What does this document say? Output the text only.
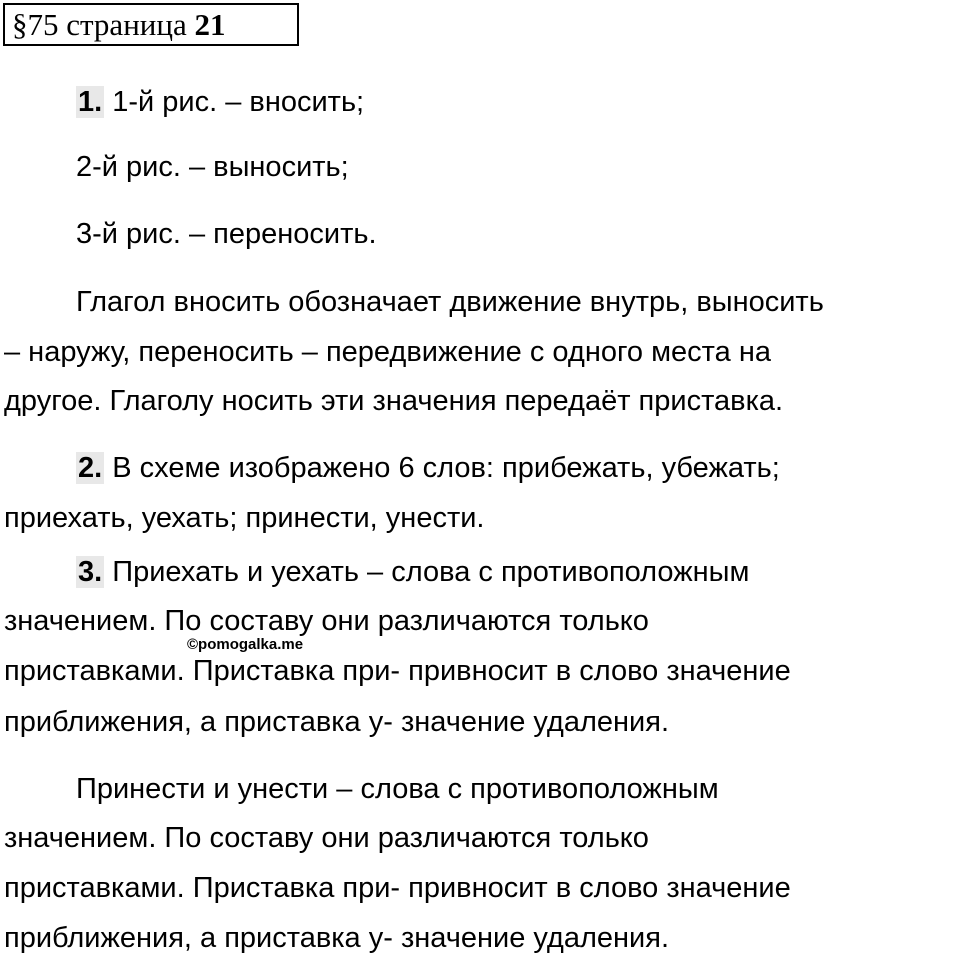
§75 страница 21
1. 1-й рис. – вносить;
2-й рис. – выносить;
3-й рис. – переносить.
Глагол вносить обозначает движение внутрь, выносить
– наружу, переносить – передвижение с одного места на
другое. Глаголу носить эти значения передаёт приставка.
2. В схеме изображено 6 слов: прибежать, убежать;
приехать, уехать; принести, унести.
3. Приехать и уехать – слова с противоположным
значением. По составу они различаются только
©pomogalka.me
приставками. Приставка при- привносит в слово значение
приближения, а приставка у- значение удаления.
Принести и унести – слова с противоположным
значением. По составу они различаются только
приставками. Приставка при- привносит в слово значение
приближения, а приставка у- значение удаления.
